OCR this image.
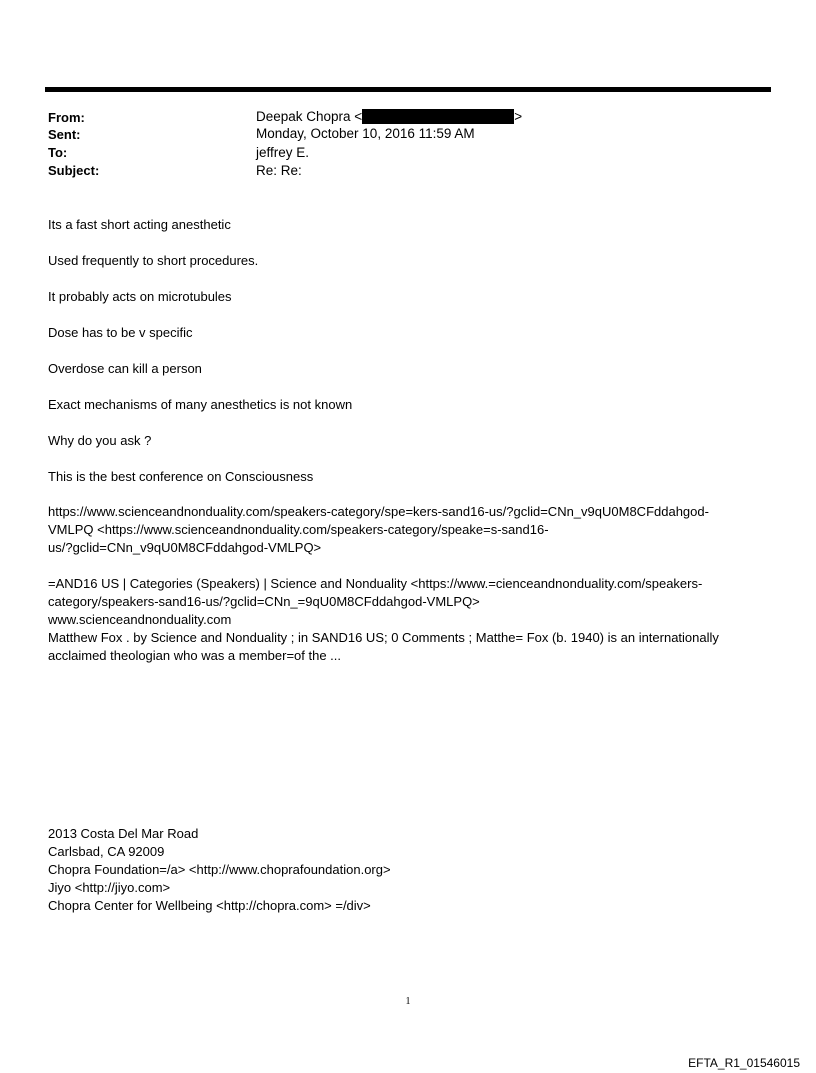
From:	Deepak Chopra <	>
Sent:	Monday, October 10, 2016 11:59 AM
To:	jeffrey E.
Subject:	Re: Re:
Its a fast short acting anesthetic
Used frequently to short procedures.
It probably acts on microtubules
Dose has to be v specific
Overdose can kill a person
Exact mechanisms of many anesthetics is not known
Why do you ask ?
This is the best conference on Consciousness
https://www.scienceandnonduality.com/speakers-category/spe=kers-sand16-us/?gclid=CNn_v9qU0M8CFddahgod-
VMLPQ <https://www.scienceandnonduality.com/speakers-category/speake=s-sand16-
us/?gclid=CNn_v9qU0M8CFddahgod-VMLPQ>
=AND16 US | Categories (Speakers) | Science and Nonduality <https://www.=cienceandnonduality.com/speakers-
category/speakers-sand16-us/?gclid=CNn_=9qU0M8CFddahgod-VMLPQ>
www.scienceandnonduality.com
Matthew Fox . by Science and Nonduality ; in SAND16 US; 0 Comments ; Matthe= Fox (b. 1940) is an internationally
acclaimed theologian who was a member=of the ...
2013 Costa Del Mar Road
Carlsbad, CA 92009
Chopra Foundation=/a> <http://www.choprafoundation.org>
Jiyo <http://jiyo.com>
Chopra Center for Wellbeing <http://chopra.com> =/div>
1
EFTA_R1_01546015
